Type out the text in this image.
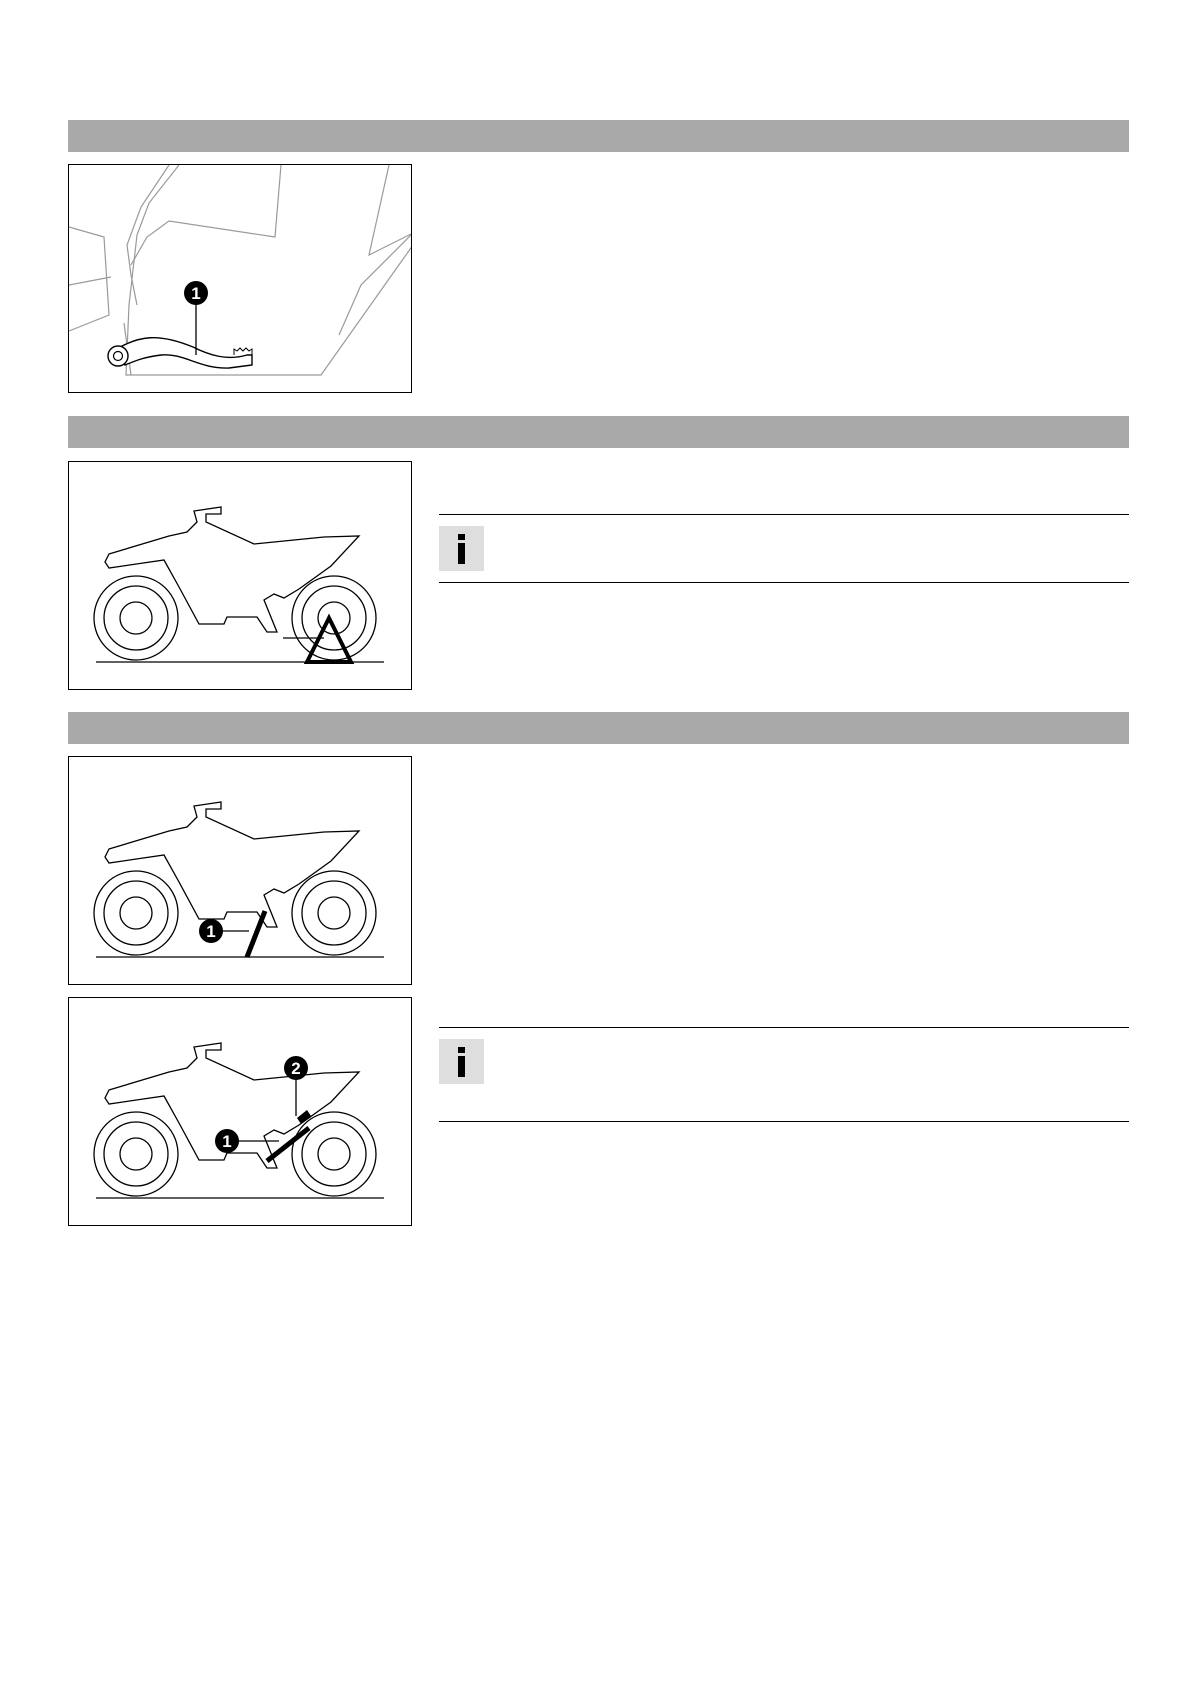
1
1
1
2
